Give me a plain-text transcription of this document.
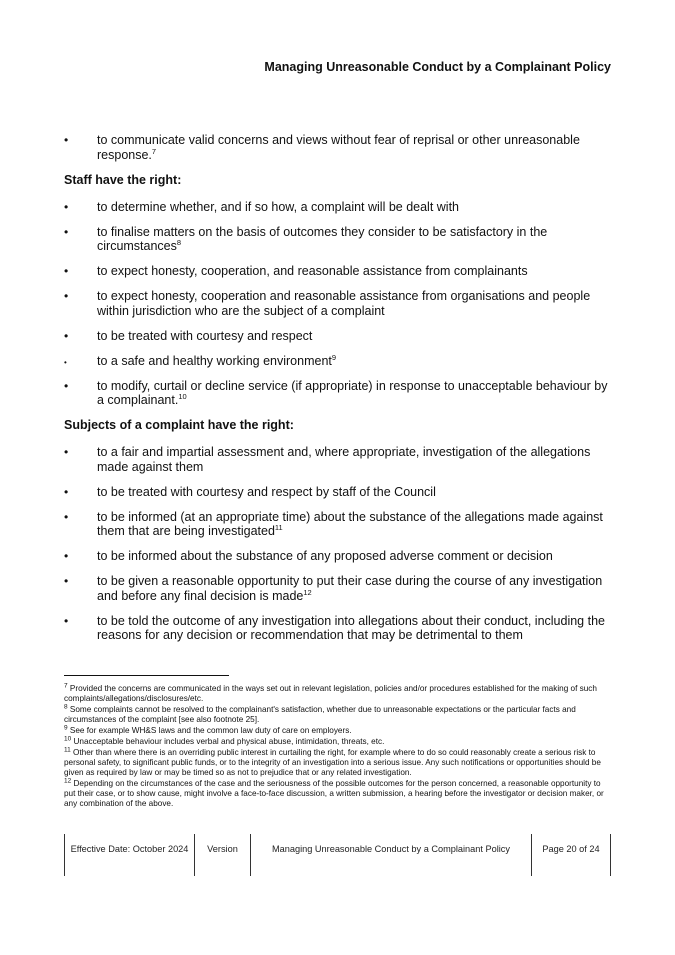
Managing Unreasonable Conduct by a Complainant Policy
• to communicate valid concerns and views without fear of reprisal or other unreasonable response.$^7$
Staff have the right:
• to determine whether, and if so how, a complaint will be dealt with
• to finalise matters on the basis of outcomes they consider to be satisfactory in the circumstances$^8$
• to expect honesty, cooperation, and reasonable assistance from complainants
• to expect honesty, cooperation and reasonable assistance from organisations and people within jurisdiction who are the subject of a complaint
• to be treated with courtesy and respect
• to a safe and healthy working environment$^9$
• to modify, curtail or decline service (if appropriate) in response to unacceptable behaviour by a complainant.$^{10}$
Subjects of a complaint have the right:
• to a fair and impartial assessment and, where appropriate, investigation of the allegations made against them
• to be treated with courtesy and respect by staff of the Council
• to be informed (at an appropriate time) about the substance of the allegations made against them that are being investigated$^{11}$
• to be informed about the substance of any proposed adverse comment or decision
• to be given a reasonable opportunity to put their case during the course of any investigation and before any final decision is made$^{12}$
• to be told the outcome of any investigation into allegations about their conduct, including the reasons for any decision or recommendation that may be detrimental to them
$^7$ Provided the concerns are communicated in the ways set out in relevant legislation, policies and/or procedures established for the making of such complaints/allegations/disclosures/etc.
$^8$ Some complaints cannot be resolved to the complainant's satisfaction, whether due to unreasonable expectations or the particular facts and circumstances of the complaint [see also footnote 25].
$^9$ See for example WH&S laws and the common law duty of care on employers.
$^{10}$ Unacceptable behaviour includes verbal and physical abuse, intimidation, threats, etc.
$^{11}$ Other than where there is an overriding public interest in curtailing the right, for example where to do so could reasonably create a serious risk to personal safety, to significant public funds, or to the integrity of an investigation into a serious issue. Any such notifications or opportunities should be given as required by law or may be timed so as not to prejudice that or any related investigation.
$^{12}$ Depending on the circumstances of the case and the seriousness of the possible outcomes for the person concerned, a reasonable opportunity to put their case, or to show cause, might involve a face-to-face discussion, a written submission, a hearing before the investigator or decision maker, or any combination of the above.
Effective Date: October 2024	Version	Managing Unreasonable Conduct by a Complainant Policy	Page 20 of 24
